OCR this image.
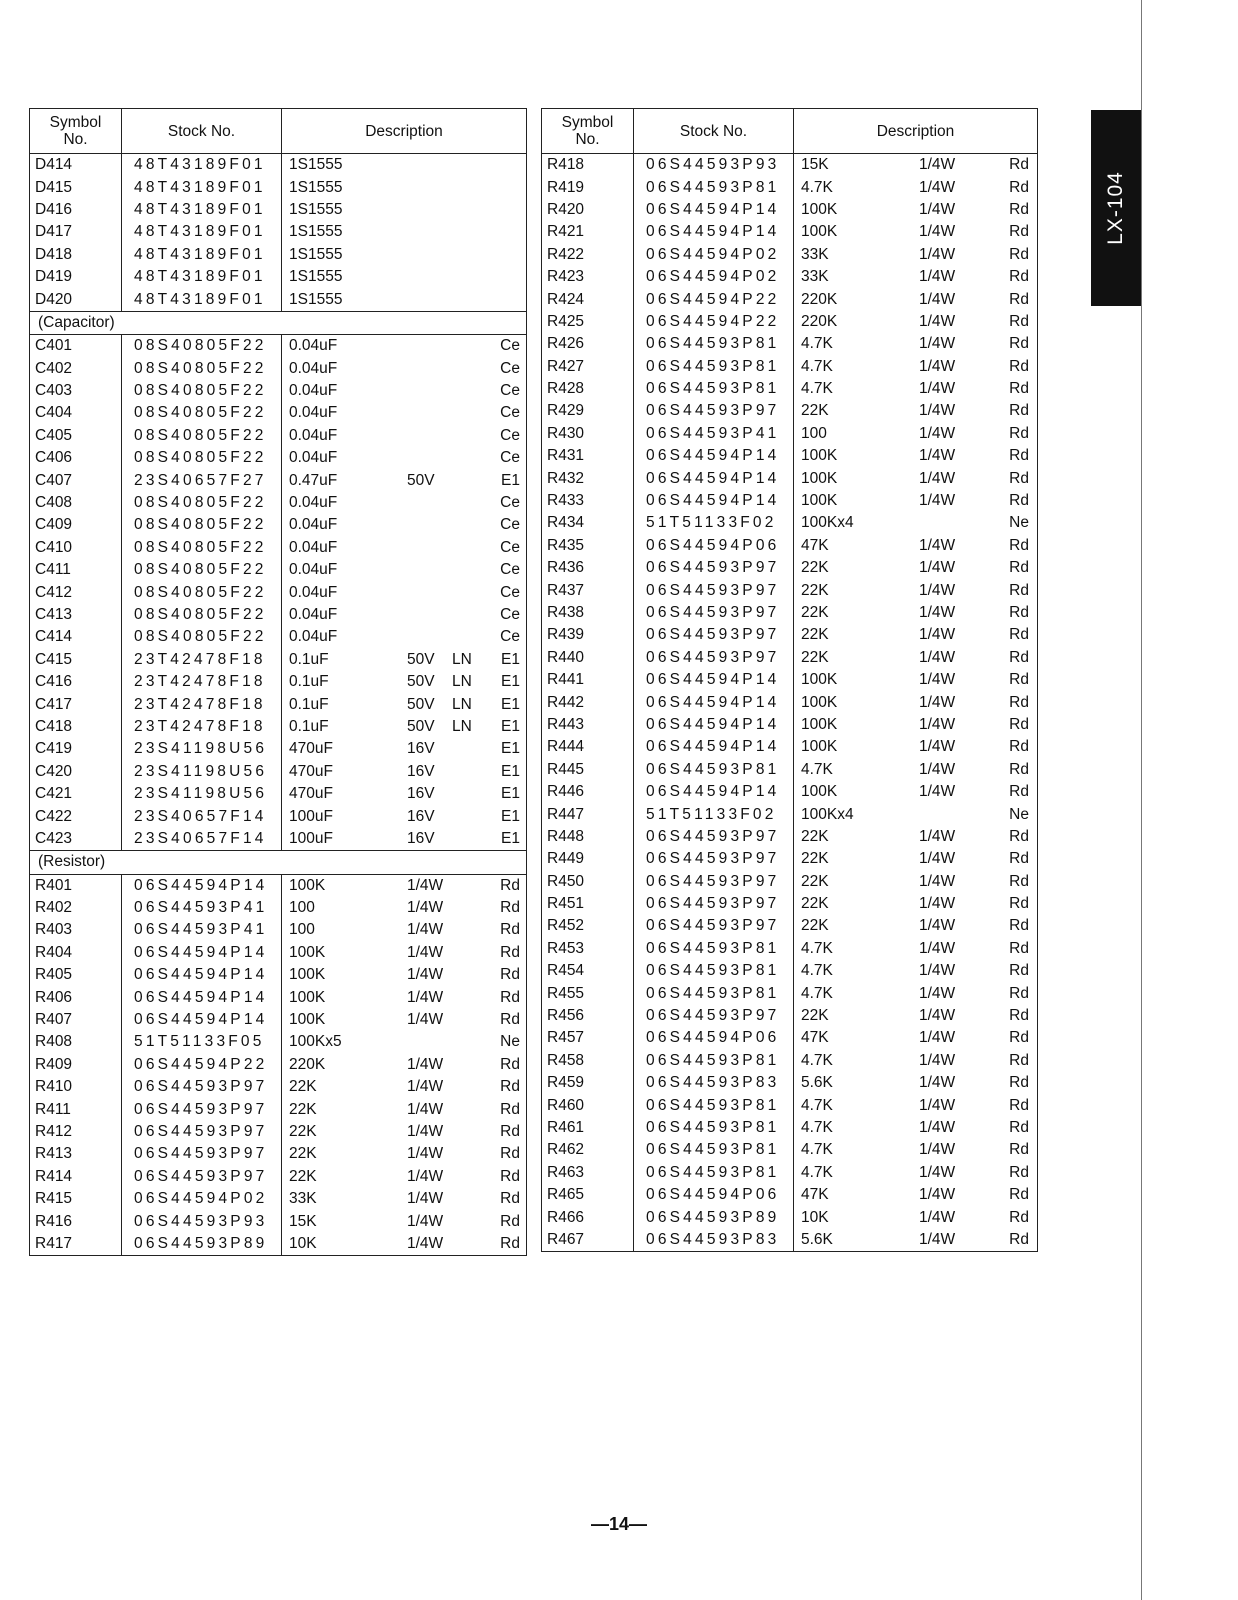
LX-104
Symbol
No.	Stock No.	Description
D414	48T43189F01	1S1555

D415	48T43189F01	1S1555

D416	48T43189F01	1S1555

D417	48T43189F01	1S1555

D418	48T43189F01	1S1555

D419	48T43189F01	1S1555

D420	48T43189F01	1S1555

(Capacitor)		
C401	08S40805F22	0.04uF Ce

C402	08S40805F22	0.04uF Ce

C403	08S40805F22	0.04uF Ce

C404	08S40805F22	0.04uF Ce

C405	08S40805F22	0.04uF Ce

C406	08S40805F22	0.04uF Ce

C407	23S40657F27	0.47uF 50V E1

C408	08S40805F22	0.04uF Ce

C409	08S40805F22	0.04uF Ce

C410	08S40805F22	0.04uF Ce

C411	08S40805F22	0.04uF Ce

C412	08S40805F22	0.04uF Ce

C413	08S40805F22	0.04uF Ce

C414	08S40805F22	0.04uF Ce

C415	23T42478F18	0.1uF 50V LN E1

C416	23T42478F18	0.1uF 50V LN E1

C417	23T42478F18	0.1uF 50V LN E1

C418	23T42478F18	0.1uF 50V LN E1

C419	23S41198U56	470uF 16V E1

C420	23S41198U56	470uF 16V E1

C421	23S41198U56	470uF 16V E1

C422	23S40657F14	100uF 16V E1

C423	23S40657F14	100uF 16V E1

(Resistor)		
R401	06S44594P14	100K 1/4W Rd

R402	06S44593P41	100 1/4W Rd

R403	06S44593P41	100 1/4W Rd

R404	06S44594P14	100K 1/4W Rd

R405	06S44594P14	100K 1/4W Rd

R406	06S44594P14	100K 1/4W Rd

R407	06S44594P14	100K 1/4W Rd

R408	51T51133F05	100Kx5 Ne

R409	06S44594P22	220K 1/4W Rd

R410	06S44593P97	22K 1/4W Rd

R411	06S44593P97	22K 1/4W Rd

R412	06S44593P97	22K 1/4W Rd

R413	06S44593P97	22K 1/4W Rd

R414	06S44593P97	22K 1/4W Rd

R415	06S44594P02	33K 1/4W Rd

R416	06S44593P93	15K 1/4W Rd

R417	06S44593P89	10K 1/4W Rd
Symbol
No.	Stock No.	Description
R418	06S44593P93	15K 1/4W Rd

R419	06S44593P81	4.7K 1/4W Rd

R420	06S44594P14	100K 1/4W Rd

R421	06S44594P14	100K 1/4W Rd

R422	06S44594P02	33K 1/4W Rd

R423	06S44594P02	33K 1/4W Rd

R424	06S44594P22	220K 1/4W Rd

R425	06S44594P22	220K 1/4W Rd

R426	06S44593P81	4.7K 1/4W Rd

R427	06S44593P81	4.7K 1/4W Rd

R428	06S44593P81	4.7K 1/4W Rd

R429	06S44593P97	22K 1/4W Rd

R430	06S44593P41	100 1/4W Rd

R431	06S44594P14	100K 1/4W Rd

R432	06S44594P14	100K 1/4W Rd

R433	06S44594P14	100K 1/4W Rd

R434	51T51133F02	100Kx4 Ne

R435	06S44594P06	47K 1/4W Rd

R436	06S44593P97	22K 1/4W Rd

R437	06S44593P97	22K 1/4W Rd

R438	06S44593P97	22K 1/4W Rd

R439	06S44593P97	22K 1/4W Rd

R440	06S44593P97	22K 1/4W Rd

R441	06S44594P14	100K 1/4W Rd

R442	06S44594P14	100K 1/4W Rd

R443	06S44594P14	100K 1/4W Rd

R444	06S44594P14	100K 1/4W Rd

R445	06S44593P81	4.7K 1/4W Rd

R446	06S44594P14	100K 1/4W Rd

R447	51T51133F02	100Kx4 Ne

R448	06S44593P97	22K 1/4W Rd

R449	06S44593P97	22K 1/4W Rd

R450	06S44593P97	22K 1/4W Rd

R451	06S44593P97	22K 1/4W Rd

R452	06S44593P97	22K 1/4W Rd

R453	06S44593P81	4.7K 1/4W Rd

R454	06S44593P81	4.7K 1/4W Rd

R455	06S44593P81	4.7K 1/4W Rd

R456	06S44593P97	22K 1/4W Rd

R457	06S44594P06	47K 1/4W Rd

R458	06S44593P81	4.7K 1/4W Rd

R459	06S44593P83	5.6K 1/4W Rd

R460	06S44593P81	4.7K 1/4W Rd

R461	06S44593P81	4.7K 1/4W Rd

R462	06S44593P81	4.7K 1/4W Rd

R463	06S44593P81	4.7K 1/4W Rd

R465	06S44594P06	47K 1/4W Rd

R466	06S44593P89	10K 1/4W Rd

R467	06S44593P83	5.6K 1/4W Rd
—14—
